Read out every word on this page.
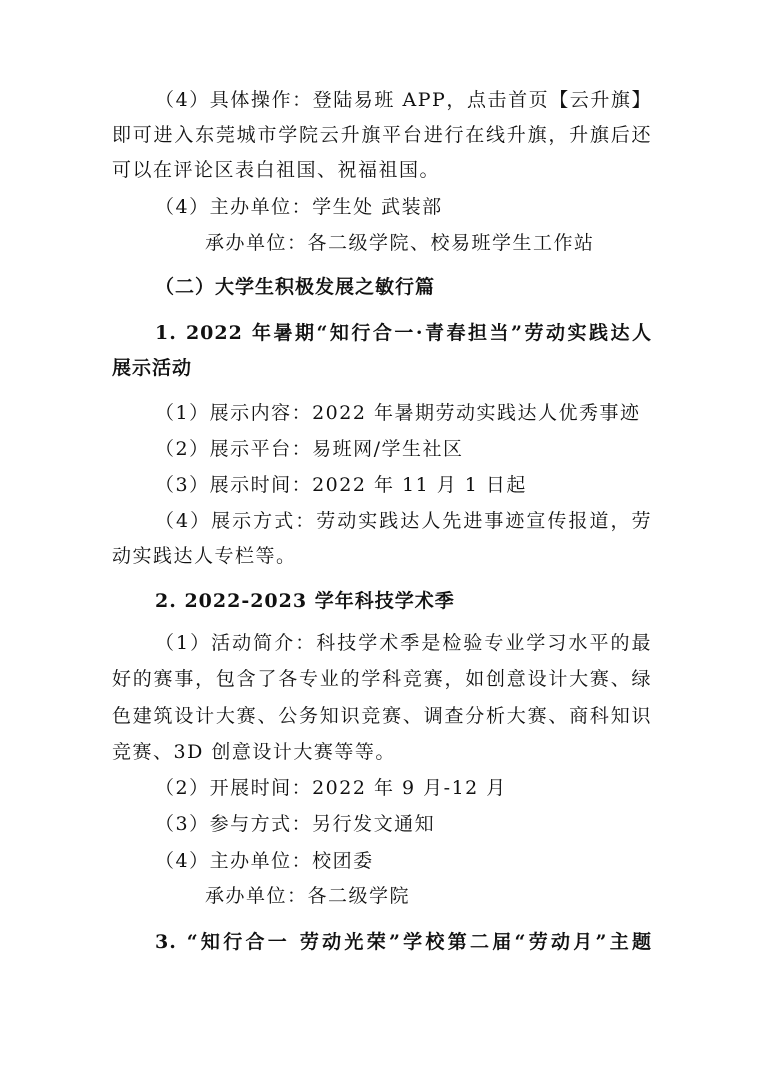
（4）具体操作：登陆易班 APP，点击首页【云升旗】
即可进入东莞城市学院云升旗平台进行在线升旗，升旗后还
可以在评论区表白祖国、祝福祖国。
（4）主办单位：学生处 武装部
承办单位：各二级学院、校易班学生工作站
（二）大学生积极发展之敏行篇
1. 2022 年暑期“知行合一·青春担当”劳动实践达人
展示活动
（1）展示内容：2022 年暑期劳动实践达人优秀事迹
（2）展示平台：易班网/学生社区
（3）展示时间：2022 年 11 月 1 日起
（4）展示方式：劳动实践达人先进事迹宣传报道，劳
动实践达人专栏等。
2. 2022-2023 学年科技学术季
（1）活动简介：科技学术季是检验专业学习水平的最
好的赛事，包含了各专业的学科竞赛，如创意设计大赛、绿
色建筑设计大赛、公务知识竞赛、调查分析大赛、商科知识
竞赛、3D 创意设计大赛等等。
（2）开展时间：2022 年 9 月-12 月
（3）参与方式：另行发文通知
（4）主办单位：校团委
承办单位：各二级学院
3. “知行合一 劳动光荣”学校第二届“劳动月”主题
